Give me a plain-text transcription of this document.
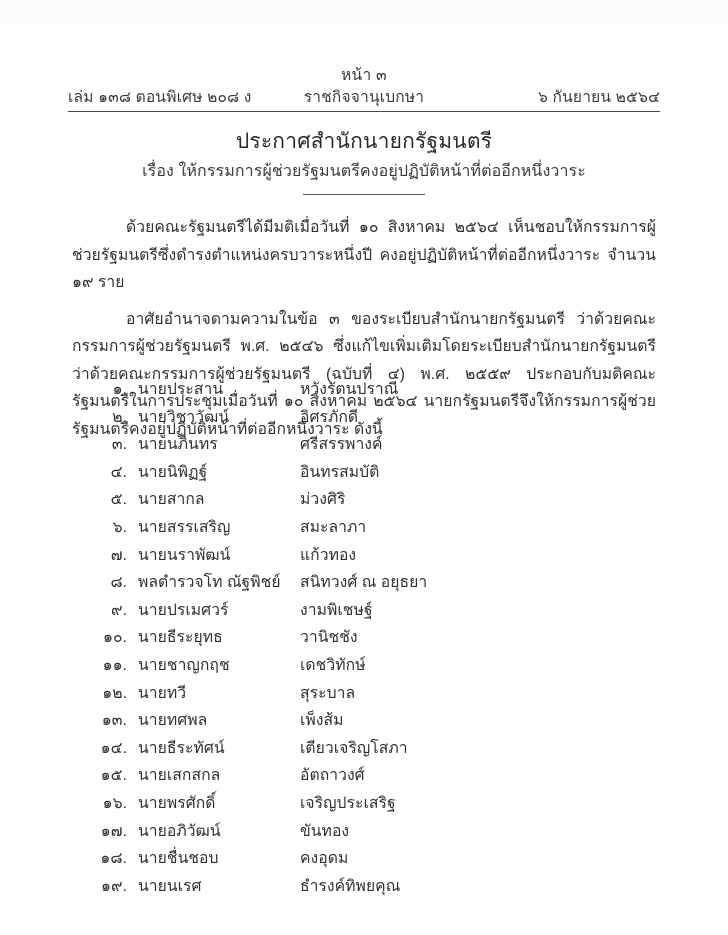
หน้า ๓
เล่ม ๑๓๘ ตอนพิเศษ ๒๐๘ ง	ราชกิจจานุเบกษา	๖ กันยายน ๒๕๖๔
ประกาศสำนักนายกรัฐมนตรี
เรื่อง ให้กรรมการผู้ช่วยรัฐมนตรีคงอยู่ปฏิบัติหน้าที่ต่ออีกหนึ่งวาระ

ด้วยคณะรัฐมนตรีได้มีมติเมื่อวันที่ ๑๐ สิงหาคม ๒๕๖๔ เห็นชอบให้กรรมการผู้ช่วยรัฐมนตรีซึ่งดำรงตำแหน่งครบวาระหนึ่งปี คงอยู่ปฏิบัติหน้าที่ต่ออีกหนึ่งวาระ จำนวน ๑๙ ราย

อาศัยอำนาจตามความในข้อ ๓ ของระเบียบสำนักนายกรัฐมนตรี ว่าด้วยคณะกรรมการผู้ช่วยรัฐมนตรี พ.ศ. ๒๕๔๖ ซึ่งแก้ไขเพิ่มเติมโดยระเบียบสำนักนายกรัฐมนตรี ว่าด้วยคณะกรรมการผู้ช่วยรัฐมนตรี (ฉบับที่ ๔) พ.ศ. ๒๕๕๙ ประกอบกับมติคณะรัฐมนตรีในการประชุมเมื่อวันที่ ๑๐ สิงหาคม ๒๕๖๔ นายกรัฐมนตรีจึงให้กรรมการผู้ช่วยรัฐมนตรีคงอยู่ปฏิบัติหน้าที่ต่ออีกหนึ่งวาระ ดังนี้

๑. นายประสาน	หวังรัตนปราณี
๒. นายวิชาวัฒน์	อิศรภักดี
๓. นายนภินทร	ศรีสรรพางค์
๔. นายนิพิฏฐ์	อินทรสมบัติ
๕. นายสากล	ม่วงศิริ
๖. นายสรรเสริญ	สมะลาภา
๗. นายนราพัฒน์	แก้วทอง
๘. พลตำรวจโท ณัฐพิชย์	สนิทวงศ์ ณ อยุธยา
๙. นายปรเมศวร์	งามพิเชษฐ์
๑๐. นายธีระยุทธ	วานิชชัง
๑๑. นายชาญกฤช	เดชวิทักษ์
๑๒. นายทวี	สุระบาล
๑๓. นายทศพล	เพ็งส้ม
๑๔. นายธีระทัศน์	เตียวเจริญโสภา
๑๕. นายเสกสกล	อัตถาวงศ์
๑๖. นายพรศักดิ์	เจริญประเสริฐ
๑๗. นายอภิวัฒน์	ขันทอง
๑๘. นายชื่นชอบ	คงอุดม
๑๙. นายนเรศ	ธำรงค์ทิพยคุณ
